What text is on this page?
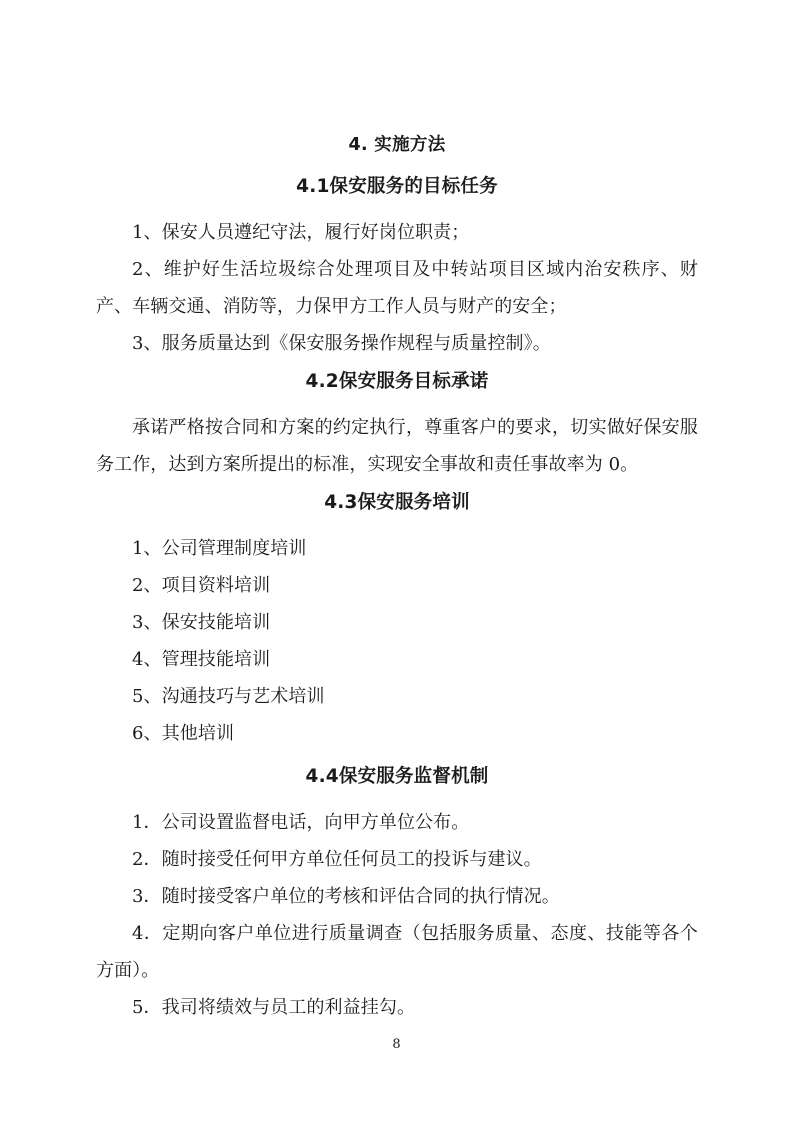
4. 实施方法
4.1保安服务的目标任务
1、保安人员遵纪守法，履行好岗位职责；
2、维护好生活垃圾综合处理项目及中转站项目区域内治安秩序、财产、车辆交通、消防等，力保甲方工作人员与财产的安全；
3、服务质量达到《保安服务操作规程与质量控制》。
4.2保安服务目标承诺

承诺严格按合同和方案的约定执行，尊重客户的要求，切实做好保安服务工作，达到方案所提出的标准，实现安全事故和责任事故率为 0。

4.3保安服务培训
1、公司管理制度培训
2、项目资料培训
3、保安技能培训
4、管理技能培训
5、沟通技巧与艺术培训
6、其他培训
4.4保安服务监督机制
1．公司设置监督电话，向甲方单位公布。
2．随时接受任何甲方单位任何员工的投诉与建议。
3．随时接受客户单位的考核和评估合同的执行情况。
4．定期向客户单位进行质量调查（包括服务质量、态度、技能等各个方面）。
5．我司将绩效与员工的利益挂勾。
8
